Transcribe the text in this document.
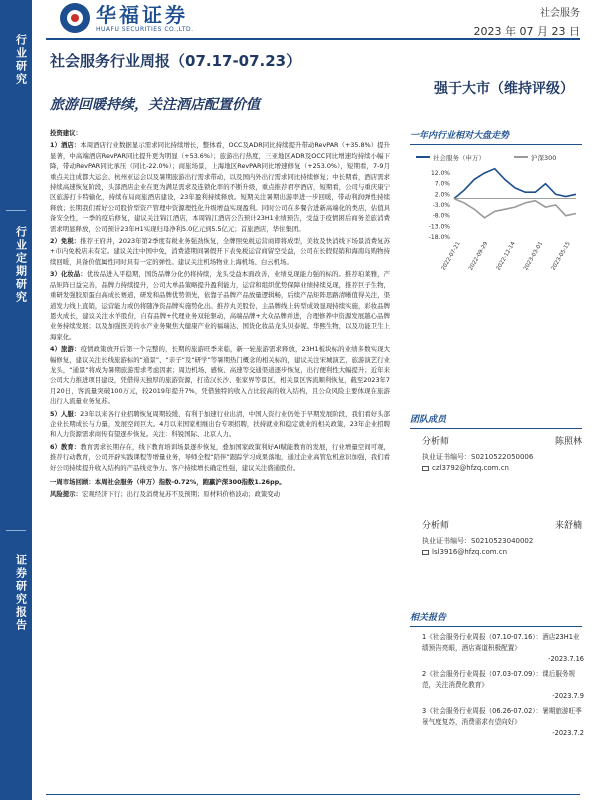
行业研究
行业定期研究
证券研究报告
华福证券
HUAFU SECURITIES CO.,LTD.
社会服务
2023 年 07 月 23 日
社会服务行业周报（07.17-07.23）
旅游回暖持续，关注酒店配置价值
强于大市（维持评级）

投资建议：

1）酒店：本周酒店行业数据显示需求同比持续增长，整体看，OCC及ADR同比持续提升带动RevPAR（+35.8%）提升显著，中高端酒店RevPAR同比提升更为明显（+53.6%）；旅游出行热度，三亚地区ADR及OCC同比增速均持续小幅下降，带动RevPAR同比承压（同比-22.0%）；商旅场景，上海地区RevPAR同比增速修复（+253.0%），短期看，7-9月重点关注成都大运会、杭州亚运会以及暑期旅游出行需求带动，以及国内外出行需求同比持续修复；中长期看，酒店需求持续高速恢复阶段，头部酒店企业在更为满足需求及连锁化率的不断升级，重点推荐君亭酒店，短期看，公司与重庆康宁区旅游打卡特输化，持续布局商旅酒店建设，23年盈利持续释放。短期关注暑期出游率进一步回暖，带动利润弹性持续释放；长期我们看好公司股价型资产管理中资源理性化升级增益实现盈利。同时公司在多餐合进新高端化的类店，估值具备安全性，一季的疫后修复，建议关注锦江酒店，本周锦江酒店公告预计23H1业绩预告，受益于疫情困后商务差旅消费需求明显释放，公司预计23年H1实现归母净利5.0亿元到5.5亿元；首旅酒店，华住集团。

2）免税：推荐王府井，2023年第2季度有税业务强劲恢复，全牌照免税运营商即将成型，美妆及快消线下场景消费复苏+市内免税店未有定。建议关注中国中免，消费港期间暑假开下表免税运营商留空受益，公司在长假促销和海南岛购物持续回暖，具备价值属性同时具有一定的弹性。建议关注机场物业上海机场、白云机场。

3）化妆品：优妆品进入平稳期，国货品牌分化仍将持续，龙头受益本面改善，业绩兑现能力强的标的。推荐珀莱雅，产品矩阵日益完善，品牌力持续提升，公司大单品策略提升盈利能力，运营和组织优势保障业绩持续兑现，推荐巨子生物，重研发强胶原蛋白高成长赛道，研发和品牌优势领先，依靠子品牌产品放量逻辑畅，后续产品矩阵思路清晰值得关注，渠道发力线上直销，运营能力或仍将随净资品牌实施势化出。推荐丸美股份，主品牌线上转型成效显现持续实施，彩妆品牌恩火成长，建议关注水羊股份，自有品牌+代理业务双轮驱动，高端品牌+大众品牌并进，合理修养中资源发展越心品牌业务持续发展；以及加强医美的水产业务聚焦大健康产业的福瑞达、国货化妆品龙头贝泰妮、华熙生物，以及功能卫生上海家化。

4）旅游：疫情政策放开后第一个完整的，长期的旅游旺季来临，新一轮旅游需求释放，23H1板块标的业绩多数实现大幅修复，建议关注长线旅游标的“通景”、“亲子”及“研学”等暑期热门概念的相关标的，建议关注宋城演艺，旅游演艺行业龙头，“通景”将成为暑期旅游需求考虑因素；周边机场、感恢、高速等交通渠道逐步恢复，出行便利性大幅提升；近年来公司大力推进项目建设，凭借得天独厚的旅游资源，打造汉长沙、张家界等景区，相关景区客流顺利恢复，截至2023年7月20日，客流量突破100万元，较2019年提升7%，凭借独特的收入占比较高的收入结构，且公众风险主要体现在旅游出行人流量业务复苏。

5）人服：23年以来各行业招聘恢复周期较缓，有利于加速行业出清，中国人资行业仍处于早期发展阶段，我们看好头部企业长期成长与力量，发展空间巨大。4月以来国家相继出台专项招聘，扶持就业和稳定就业的相关政策，23年企业招聘和人力资源需求商传有望逐步恢复。关注：科锐国际、北京人力。

6）教育：教育需求长期存在，线下教育培训场景逐步恢复，叠加国家政策利好AI赋能教育的发展，行业增量空间可观，推荐行动教育，公司开辟实践课程等增量业务，导师全程“陪伴”跟踪学习成果落地，通过企业高管危机意识加强，我们看好公司持续提升收入结构的产品线竞争力。客户持续增长确定性强，建议关注盛通股份。

一周市场回顾：本周社会服务（申万）指数-0.72%，跑赢沪深300指数1.26pp。

风险提示：宏观经济下行；出行及消费复苏不及预期；原材料价格波动；政策变动

一年内行业相对大盘走势
社会服务（申万）	沪深300
12.0%
7.0%
2.0%
-3.0%
-8.0%
-13.0%
-18.0%
2022-07-21 2022-09-29 2022-12-14 2023-03-01 2023-05-15
团队成员
分析师	陈照林
执业证书编号：S0210522050006
czl3792@hfzq.com.cn
分析师	来舒楠
执业证书编号：S0210523040002
lsl3916@hfzq.com.cn
相关报告
1《社会服务行业周报（07.10-07.16）：酒店23H1业绩预告亮眼，酒店赛道积极配置》
-2023.7.16
2《社会服务行业周报（07.03-07.09）：课后服务规范，关注消费化教育》
-2023.7.9
3《社会服务行业周报（06.26-07.02）：暑期旅游旺季景气度复苏，消费需求有望向好》
-2023.7.2
